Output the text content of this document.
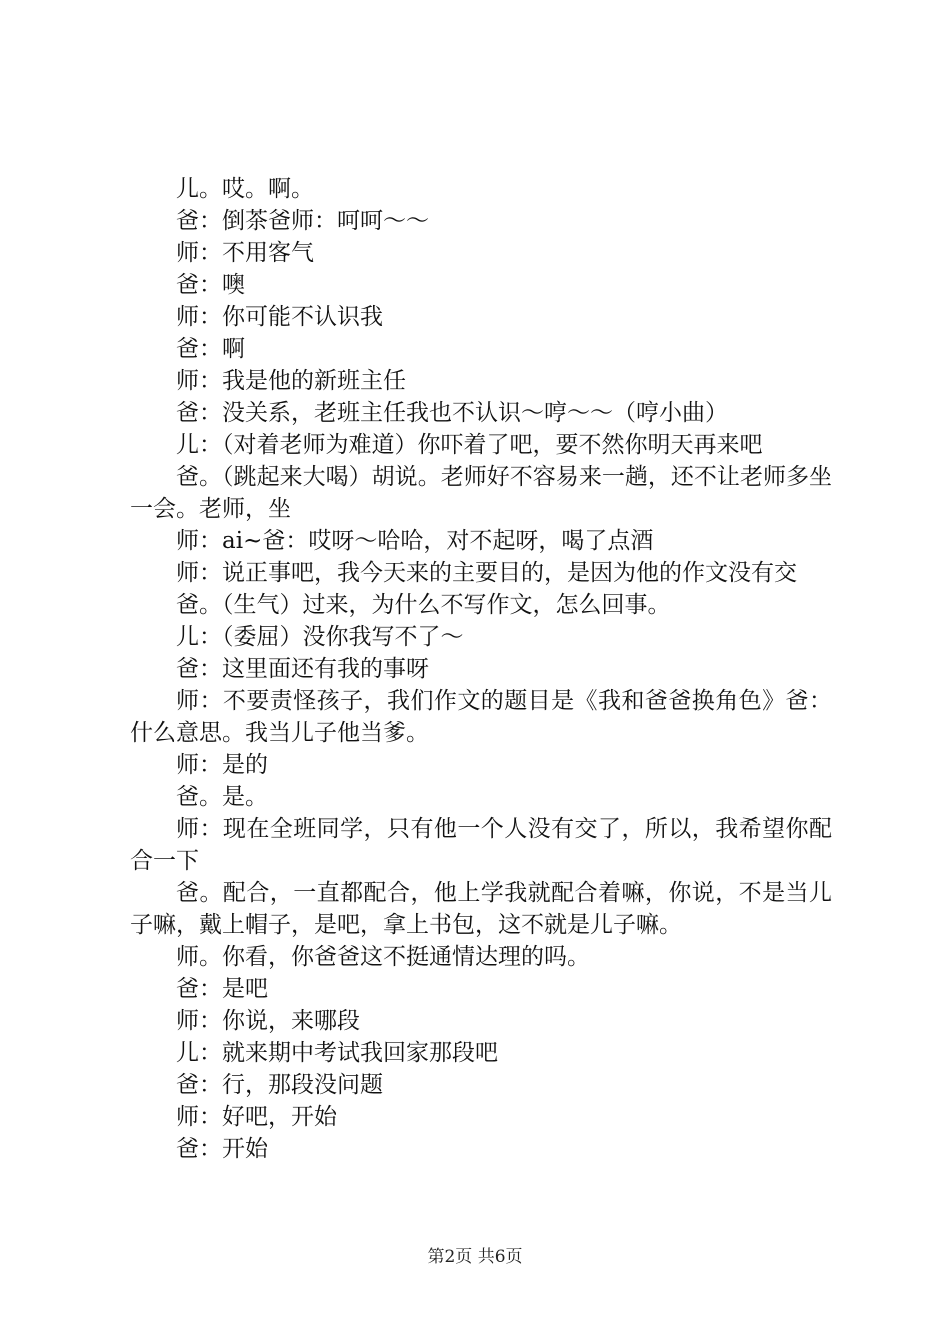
儿。哎。啊。

爸：倒茶爸师：呵呵～～

师：不用客气

爸：噢

师：你可能不认识我

爸：啊

师：我是他的新班主任

爸：没关系，老班主任我也不认识～哼～～（哼小曲）

儿：（对着老师为难道）你吓着了吧，要不然你明天再来吧

爸。（跳起来大喝）胡说。老师好不容易来一趟，还不让老师多坐一会。老师，坐

师：ai~爸：哎呀～哈哈，对不起呀，喝了点酒

师：说正事吧，我今天来的主要目的，是因为他的作文没有交

爸。（生气）过来，为什么不写作文，怎么回事。

儿：（委屈）没你我写不了～

爸：这里面还有我的事呀

师：不要责怪孩子，我们作文的题目是《我和爸爸换角色》爸：什么意思。我当儿子他当爹。

师：是的

爸。是。

师：现在全班同学，只有他一个人没有交了，所以，我希望你配合一下

爸。配合，一直都配合，他上学我就配合着嘛，你说，不是当儿子嘛，戴上帽子，是吧，拿上书包，这不就是儿子嘛。

师。你看，你爸爸这不挺通情达理的吗。

爸：是吧

师：你说，来哪段

儿：就来期中考试我回家那段吧

爸：行，那段没问题

师：好吧，开始

爸：开始

第2页 共6页
